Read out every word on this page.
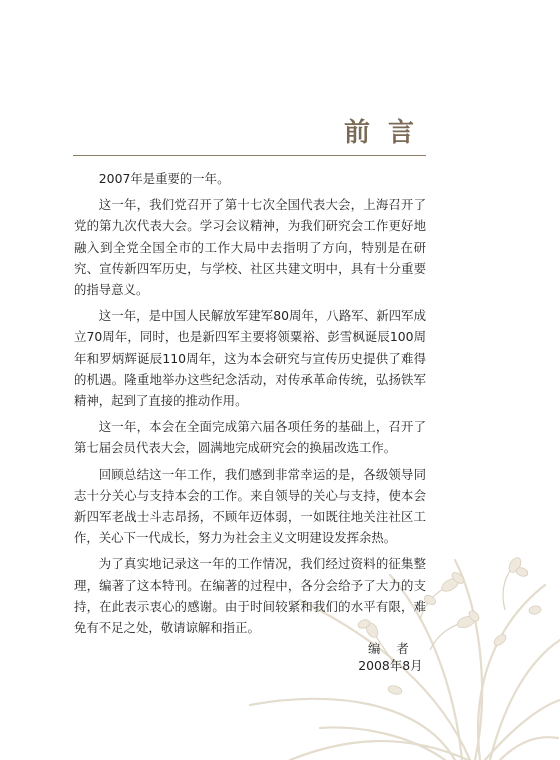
前言

2007年是重要的一年。

这一年，我们党召开了第十七次全国代表大会，上海召开了党的第九次代表大会。学习会议精神，为我们研究会工作更好地融入到全党全国全市的工作大局中去指明了方向，特别是在研究、宣传新四军历史，与学校、社区共建文明中，具有十分重要的指导意义。

这一年，是中国人民解放军建军80周年，八路军、新四军成立70周年，同时，也是新四军主要将领粟裕、彭雪枫诞辰100周年和罗炳辉诞辰110周年，这为本会研究与宣传历史提供了难得的机遇。隆重地举办这些纪念活动，对传承革命传统，弘扬铁军精神，起到了直接的推动作用。

这一年，本会在全面完成第六届各项任务的基础上，召开了第七届会员代表大会，圆满地完成研究会的换届改选工作。

回顾总结这一年工作，我们感到非常幸运的是，各级领导同志十分关心与支持本会的工作。来自领导的关心与支持，使本会新四军老战士斗志昂扬，不顾年迈体弱，一如既往地关注社区工作，关心下一代成长，努力为社会主义文明建设发挥余热。

为了真实地记录这一年的工作情况，我们经过资料的征集整理，编著了这本特刊。在编著的过程中，各分会给予了大力的支持，在此表示衷心的感谢。由于时间较紧和我们的水平有限，难免有不足之处，敬请谅解和指正。

编者
2008年8月
